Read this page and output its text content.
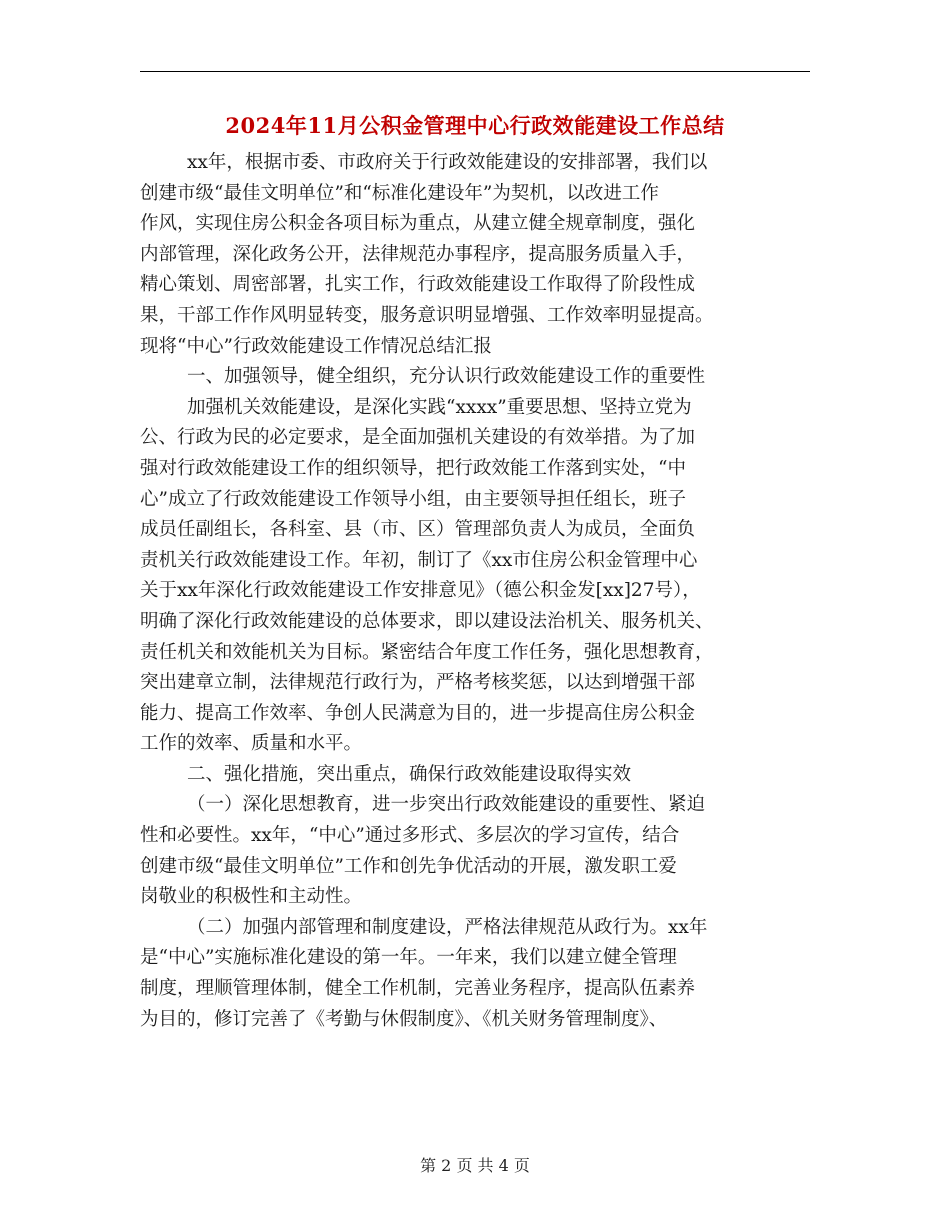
2024年11月公积金管理中心行政效能建设工作总结
xx年，根据市委、市政府关于行政效能建设的安排部署，我们以
创建市级“最佳文明单位”和“标准化建设年”为契机，以改进工作
作风，实现住房公积金各项目标为重点，从建立健全规章制度，强化
内部管理，深化政务公开，法律规范办事程序，提高服务质量入手，
精心策划、周密部署，扎实工作，行政效能建设工作取得了阶段性成
果，干部工作作风明显转变，服务意识明显增强、工作效率明显提高。
现将“中心”行政效能建设工作情况总结汇报
一、加强领导，健全组织，充分认识行政效能建设工作的重要性
加强机关效能建设，是深化实践“xxxx”重要思想、坚持立党为
公、行政为民的必定要求，是全面加强机关建设的有效举措。为了加
强对行政效能建设工作的组织领导，把行政效能工作落到实处，“中
心”成立了行政效能建设工作领导小组，由主要领导担任组长，班子
成员任副组长，各科室、县（市、区）管理部负责人为成员，全面负
责机关行政效能建设工作。年初，制订了《xx市住房公积金管理中心
关于xx年深化行政效能建设工作安排意见》（德公积金发[xx]27号），
明确了深化行政效能建设的总体要求，即以建设法治机关、服务机关、
责任机关和效能机关为目标。紧密结合年度工作任务，强化思想教育，
突出建章立制，法律规范行政行为，严格考核奖惩，以达到增强干部
能力、提高工作效率、争创人民满意为目的，进一步提高住房公积金
工作的效率、质量和水平。
二、强化措施，突出重点，确保行政效能建设取得实效
（一）深化思想教育，进一步突出行政效能建设的重要性、紧迫
性和必要性。xx年，“中心”通过多形式、多层次的学习宣传，结合
创建市级“最佳文明单位”工作和创先争优活动的开展，激发职工爱
岗敬业的积极性和主动性。
（二）加强内部管理和制度建设，严格法律规范从政行为。xx年
是“中心”实施标准化建设的第一年。一年来，我们以建立健全管理
制度，理顺管理体制，健全工作机制，完善业务程序，提高队伍素养
为目的，修订完善了《考勤与休假制度》、《机关财务管理制度》、
第 2 页 共 4 页
